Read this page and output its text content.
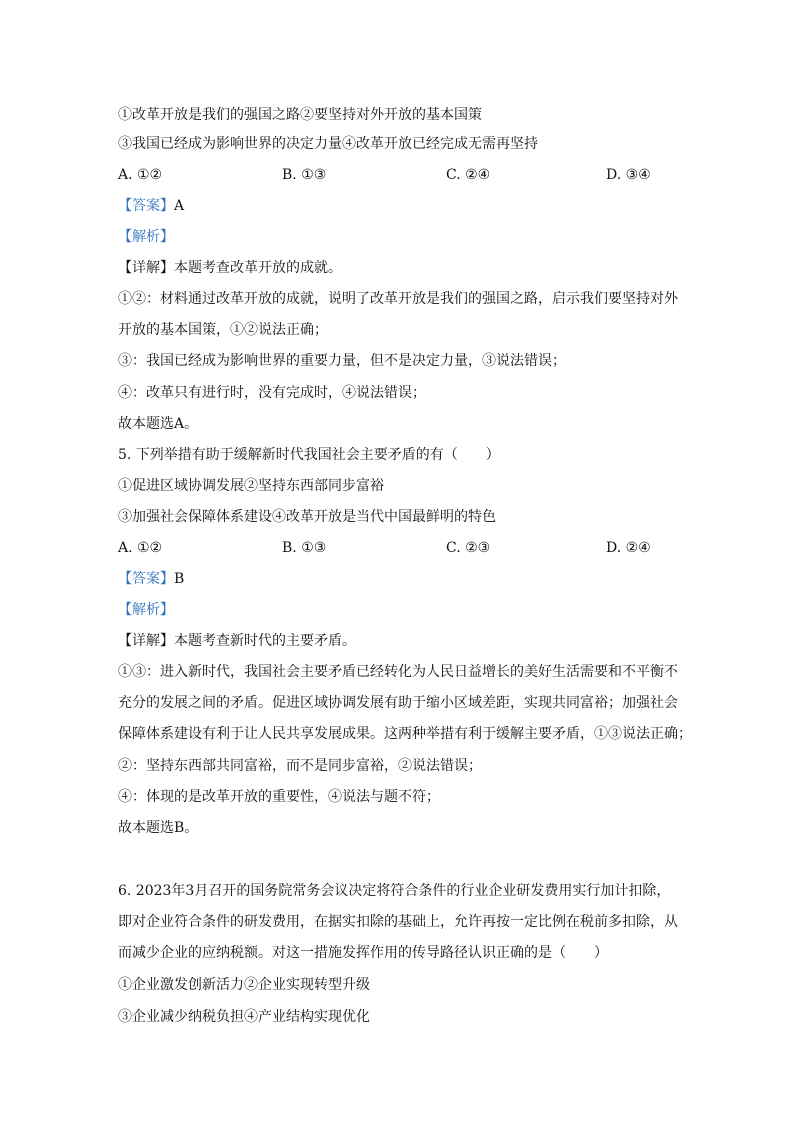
①改革开放是我们的强国之路②要坚持对外开放的基本国策
③我国已经成为影响世界的决定力量④改革开放已经完成无需再坚持
A. ①②	B. ①③	C. ②④	D. ③④
【答案】A
【解析】
【详解】本题考查改革开放的成就。
①②：材料通过改革开放的成就，说明了改革开放是我们的强国之路，启示我们要坚持对外
开放的基本国策，①②说法正确；
③：我国已经成为影响世界的重要力量，但不是决定力量，③说法错误；
④：改革只有进行时，没有完成时，④说法错误；
故本题选A。
5. 下列举措有助于缓解新时代我国社会主要矛盾的有（　　）
①促进区域协调发展②坚持东西部同步富裕
③加强社会保障体系建设④改革开放是当代中国最鲜明的特色
A. ①②	B. ①③	C. ②③	D. ②④
【答案】B
【解析】
【详解】本题考查新时代的主要矛盾。
①③：进入新时代，我国社会主要矛盾已经转化为人民日益增长的美好生活需要和不平衡不
充分的发展之间的矛盾。促进区域协调发展有助于缩小区域差距，实现共同富裕；加强社会
保障体系建设有利于让人民共享发展成果。这两种举措有利于缓解主要矛盾，①③说法正确；
②：坚持东西部共同富裕，而不是同步富裕，②说法错误；
④：体现的是改革开放的重要性，④说法与题不符；
故本题选B。
6. 2023年3月召开的国务院常务会议决定将符合条件的行业企业研发费用实行加计扣除，
即对企业符合条件的研发费用，在据实扣除的基础上，允许再按一定比例在税前多扣除，从
而减少企业的应纳税额。对这一措施发挥作用的传导路径认识正确的是（　　）
①企业激发创新活力②企业实现转型升级
③企业减少纳税负担④产业结构实现优化
